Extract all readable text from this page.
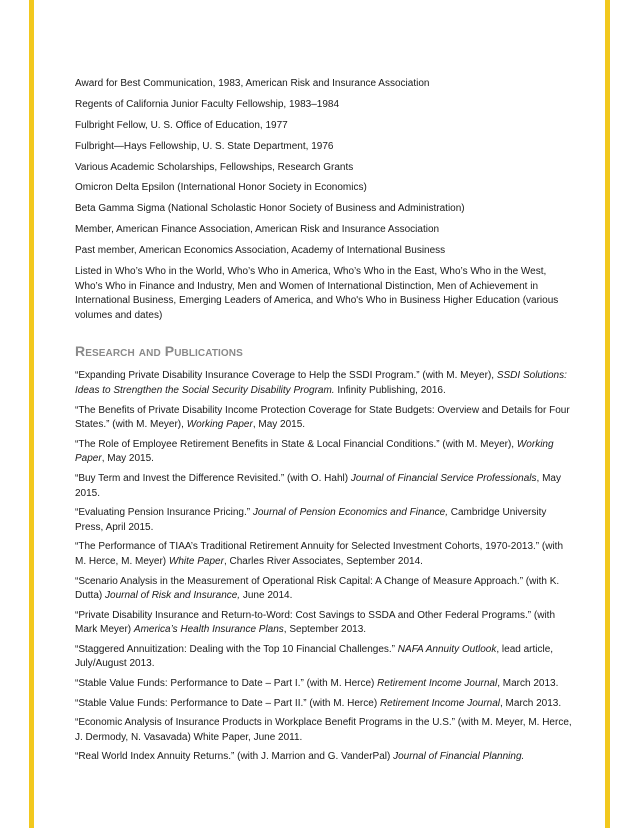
Award for Best Communication, 1983, American Risk and Insurance Association

Regents of California Junior Faculty Fellowship, 1983–1984

Fulbright Fellow, U. S. Office of Education, 1977

Fulbright—Hays Fellowship, U. S. State Department, 1976

Various Academic Scholarships, Fellowships, Research Grants

Omicron Delta Epsilon (International Honor Society in Economics)

Beta Gamma Sigma (National Scholastic Honor Society of Business and Administration)

Member, American Finance Association, American Risk and Insurance Association

Past member, American Economics Association, Academy of International Business

Listed in Who’s Who in the World, Who’s Who in America, Who’s Who in the East, Who’s Who in the West, Who’s Who in Finance and Industry, Men and Women of International Distinction, Men of Achievement in International Business, Emerging Leaders of America, and Who's Who in Business Higher Education (various volumes and dates)

Research and Publications

“Expanding Private Disability Insurance Coverage to Help the SSDI Program.” (with M. Meyer), SSDI Solutions: Ideas to Strengthen the Social Security Disability Program. Infinity Publishing, 2016.

“The Benefits of Private Disability Income Protection Coverage for State Budgets: Overview and Details for Four States.” (with M. Meyer), Working Paper, May 2015.

“The Role of Employee Retirement Benefits in State & Local Financial Conditions.” (with M. Meyer), Working Paper, May 2015.

“Buy Term and Invest the Difference Revisited.” (with O. Hahl) Journal of Financial Service Professionals, May 2015.

“Evaluating Pension Insurance Pricing.” Journal of Pension Economics and Finance, Cambridge University Press, April 2015.

“The Performance of TIAA’s Traditional Retirement Annuity for Selected Investment Cohorts, 1970-2013.” (with M. Herce, M. Meyer) White Paper, Charles River Associates, September 2014.

“Scenario Analysis in the Measurement of Operational Risk Capital: A Change of Measure Approach.” (with K. Dutta) Journal of Risk and Insurance, June 2014.

“Private Disability Insurance and Return-to-Word: Cost Savings to SSDA and Other Federal Programs.” (with Mark Meyer) America’s Health Insurance Plans, September 2013.

“Staggered Annuitization: Dealing with the Top 10 Financial Challenges.” NAFA Annuity Outlook, lead article, July/August 2013.

“Stable Value Funds: Performance to Date – Part I.” (with M. Herce) Retirement Income Journal, March 2013.

“Stable Value Funds: Performance to Date – Part II.” (with M. Herce) Retirement Income Journal, March 2013.

“Economic Analysis of Insurance Products in Workplace Benefit Programs in the U.S.” (with M. Meyer, M. Herce, J. Dermody, N. Vasavada) White Paper, June 2011.

“Real World Index Annuity Returns.” (with J. Marrion and G. VanderPal) Journal of Financial Planning.
